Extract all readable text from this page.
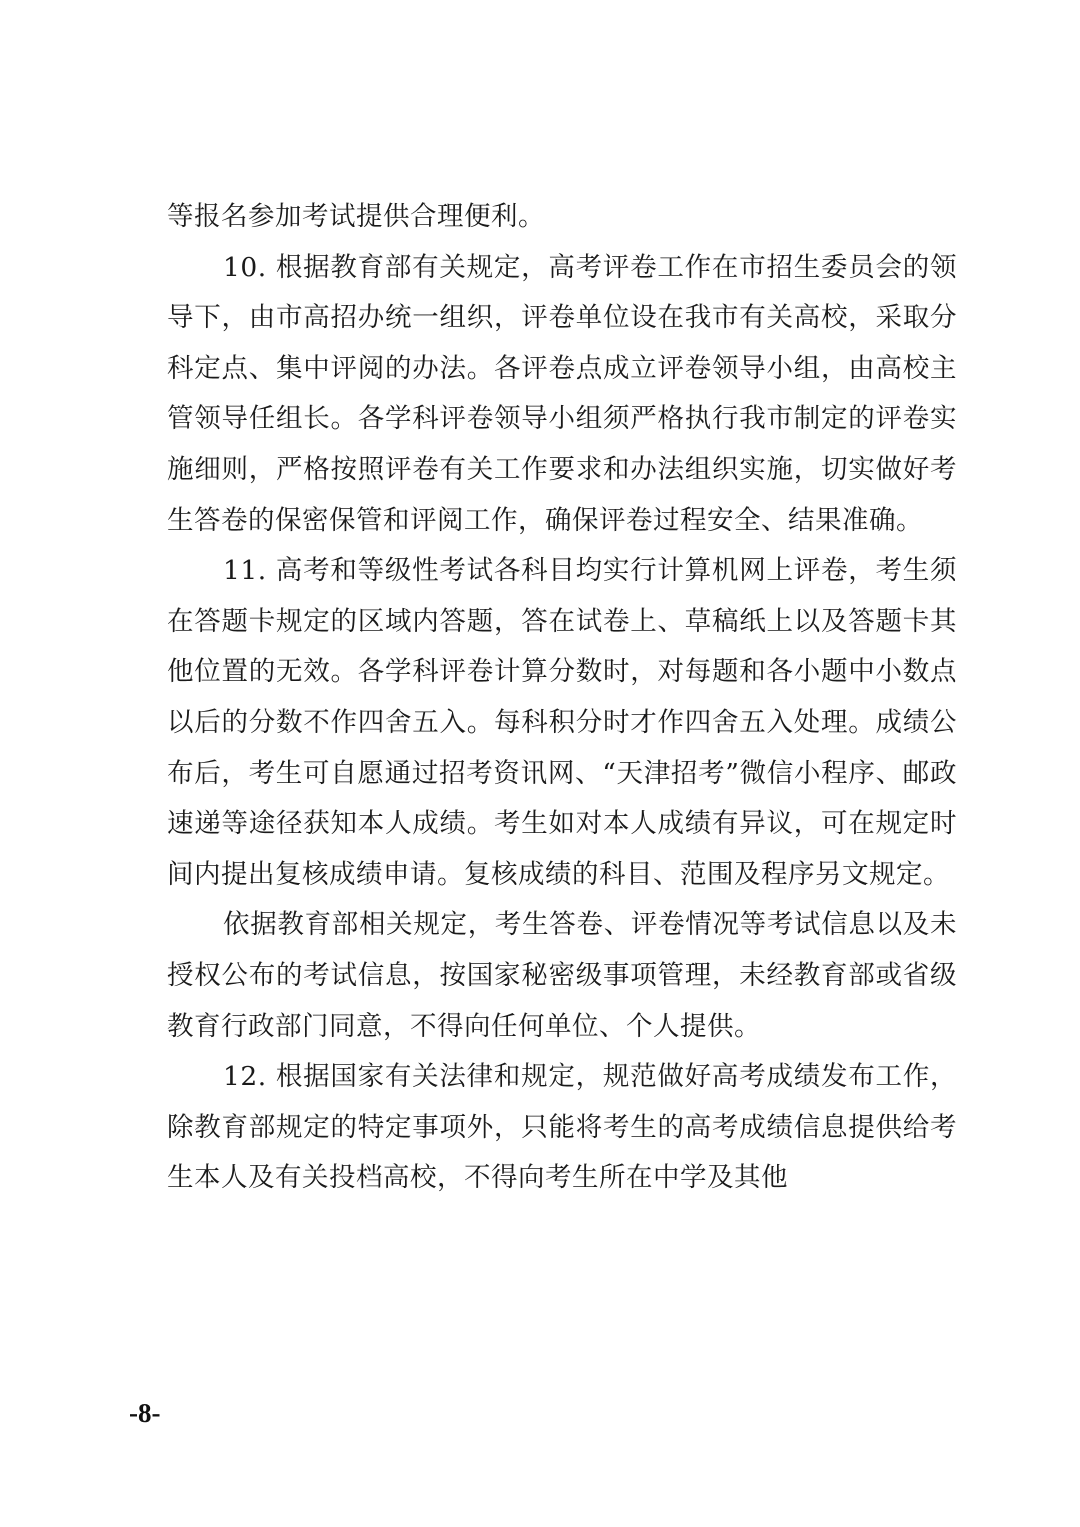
等报名参加考试提供合理便利。

10. 根据教育部有关规定，高考评卷工作在市招生委员会的领导下，由市高招办统一组织，评卷单位设在我市有关高校，采取分科定点、集中评阅的办法。各评卷点成立评卷领导小组，由高校主管领导任组长。各学科评卷领导小组须严格执行我市制定的评卷实施细则，严格按照评卷有关工作要求和办法组织实施，切实做好考生答卷的保密保管和评阅工作，确保评卷过程安全、结果准确。

11. 高考和等级性考试各科目均实行计算机网上评卷，考生须在答题卡规定的区域内答题，答在试卷上、草稿纸上以及答题卡其他位置的无效。各学科评卷计算分数时，对每题和各小题中小数点以后的分数不作四舍五入。每科积分时才作四舍五入处理。成绩公布后，考生可自愿通过招考资讯网、“天津招考”微信小程序、邮政速递等途径获知本人成绩。考生如对本人成绩有异议，可在规定时间内提出复核成绩申请。复核成绩的科目、范围及程序另文规定。

依据教育部相关规定，考生答卷、评卷情况等考试信息以及未授权公布的考试信息，按国家秘密级事项管理，未经教育部或省级教育行政部门同意，不得向任何单位、个人提供。

12. 根据国家有关法律和规定，规范做好高考成绩发布工作，除教育部规定的特定事项外，只能将考生的高考成绩信息提供给考生本人及有关投档高校，不得向考生所在中学及其他

-8-
